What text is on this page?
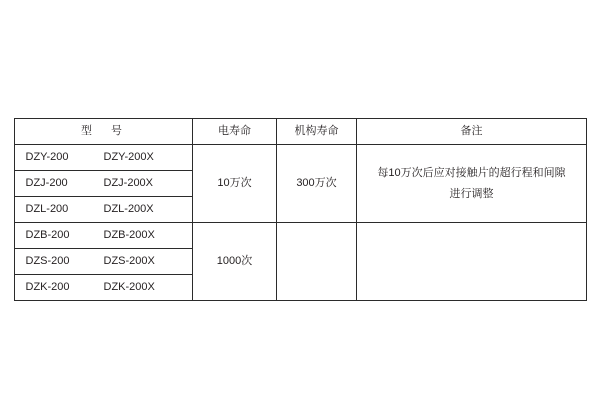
型　号	电寿命	机构寿命	备注
DZY-200 DZY-200X	10万次	300万次	每10万次后应对接触片的超行程和间隙
进行调整

DZJ-200 DZJ-200X			
DZL-200 DZL-200X			
DZB-200 DZB-200X	1000次		
DZS-200 DZS-200X			
DZK-200 DZK-200X			
